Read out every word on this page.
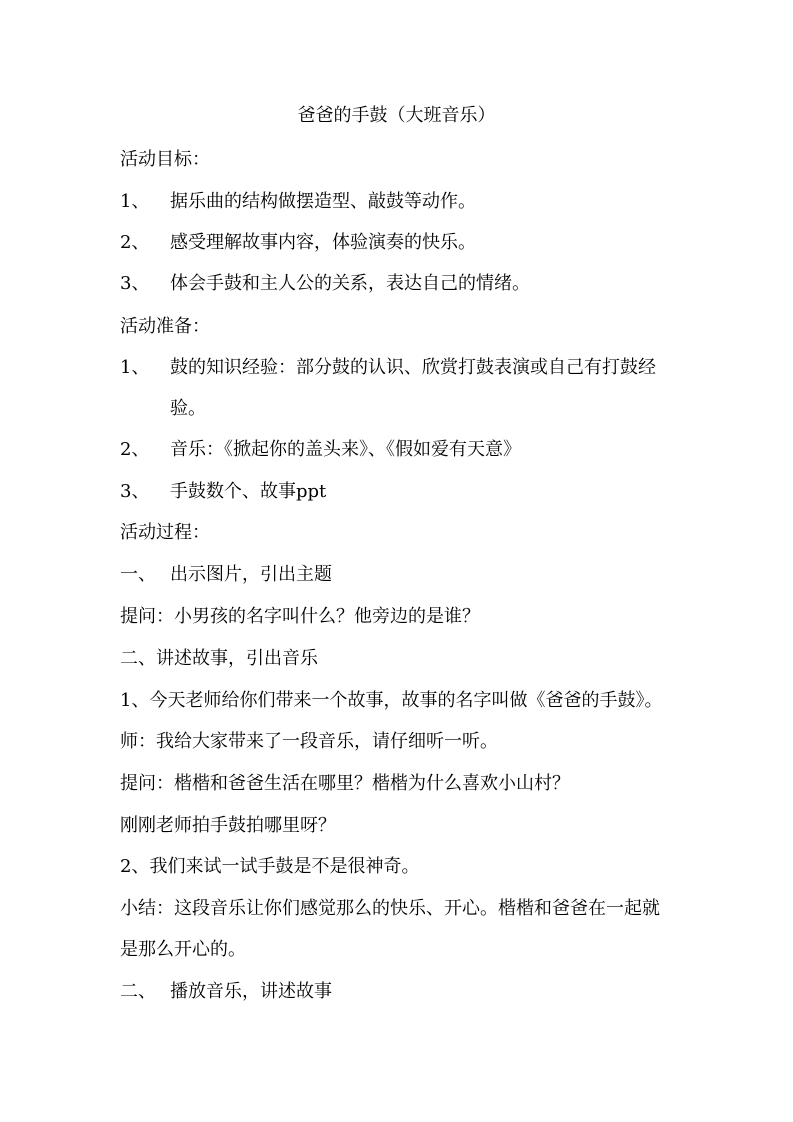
爸爸的手鼓（大班音乐）
活动目标：
1、 据乐曲的结构做摆造型、敲鼓等动作。
2、 感受理解故事内容，体验演奏的快乐。
3、 体会手鼓和主人公的关系，表达自己的情绪。
活动准备：
1、 鼓的知识经验：部分鼓的认识、欣赏打鼓表演或自己有打鼓经
验。
2、 音乐：《掀起你的盖头来》、《假如爱有天意》
3、 手鼓数个、故事ppt
活动过程：
一、 出示图片，引出主题
提问：小男孩的名字叫什么？他旁边的是谁？
二、讲述故事，引出音乐
1、今天老师给你们带来一个故事，故事的名字叫做《爸爸的手鼓》。
师：我给大家带来了一段音乐，请仔细听一听。
提问：楷楷和爸爸生活在哪里？楷楷为什么喜欢小山村？
刚刚老师拍手鼓拍哪里呀？
2、我们来试一试手鼓是不是很神奇。
小结：这段音乐让你们感觉那么的快乐、开心。楷楷和爸爸在一起就
是那么开心的。
二、 播放音乐，讲述故事
